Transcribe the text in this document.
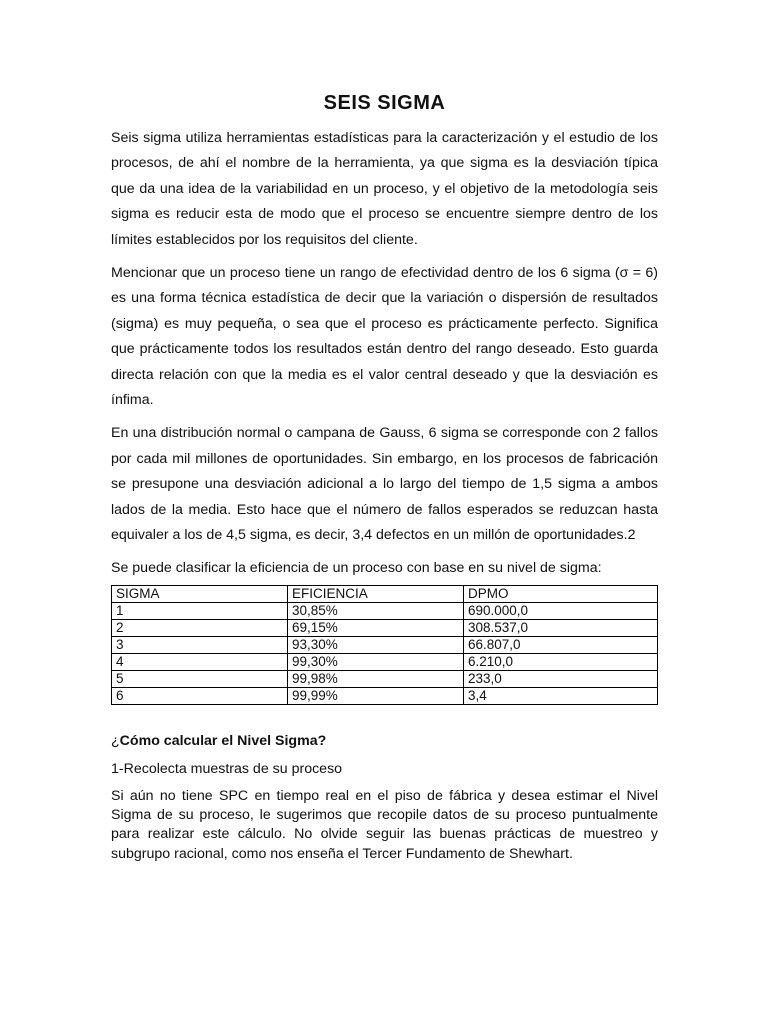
SEIS SIGMA

Seis sigma utiliza herramientas estadísticas para la caracterización y el estudio de los procesos, de ahí el nombre de la herramienta, ya que sigma es la desviación típica que da una idea de la variabilidad en un proceso, y el objetivo de la metodología seis sigma es reducir esta de modo que el proceso se encuentre siempre dentro de los límites establecidos por los requisitos del cliente.

Mencionar que un proceso tiene un rango de efectividad dentro de los 6 sigma (σ = 6) es una forma técnica estadística de decir que la variación o dispersión de resultados (sigma) es muy pequeña, o sea que el proceso es prácticamente perfecto. Significa que prácticamente todos los resultados están dentro del rango deseado. Esto guarda directa relación con que la media es el valor central deseado y que la desviación es ínfima.

En una distribución normal o campana de Gauss, 6 sigma se corresponde con 2 fallos por cada mil millones de oportunidades. Sin embargo, en los procesos de fabricación se presupone una desviación adicional a lo largo del tiempo de 1,5 sigma a ambos lados de la media. Esto hace que el número de fallos esperados se reduzcan hasta equivaler a los de 4,5 sigma, es decir, 3,4 defectos en un millón de oportunidades.2

Se puede clasificar la eficiencia de un proceso con base en su nivel de sigma:

SIGMA	EFICIENCIA	DPMO
1	30,85%	690.000,0
2	69,15%	308.537,0
3	93,30%	66.807,0
4	99,30%	6.210,0
5	99,98%	233,0
6	99,99%	3,4
¿Cómo calcular el Nivel Sigma?
1-Recolecta muestras de su proceso

Si aún no tiene SPC en tiempo real en el piso de fábrica y desea estimar el Nivel Sigma de su proceso, le sugerimos que recopile datos de su proceso puntualmente para realizar este cálculo. No olvide seguir las buenas prácticas de muestreo y subgrupo racional, como nos enseña el Tercer Fundamento de Shewhart.
